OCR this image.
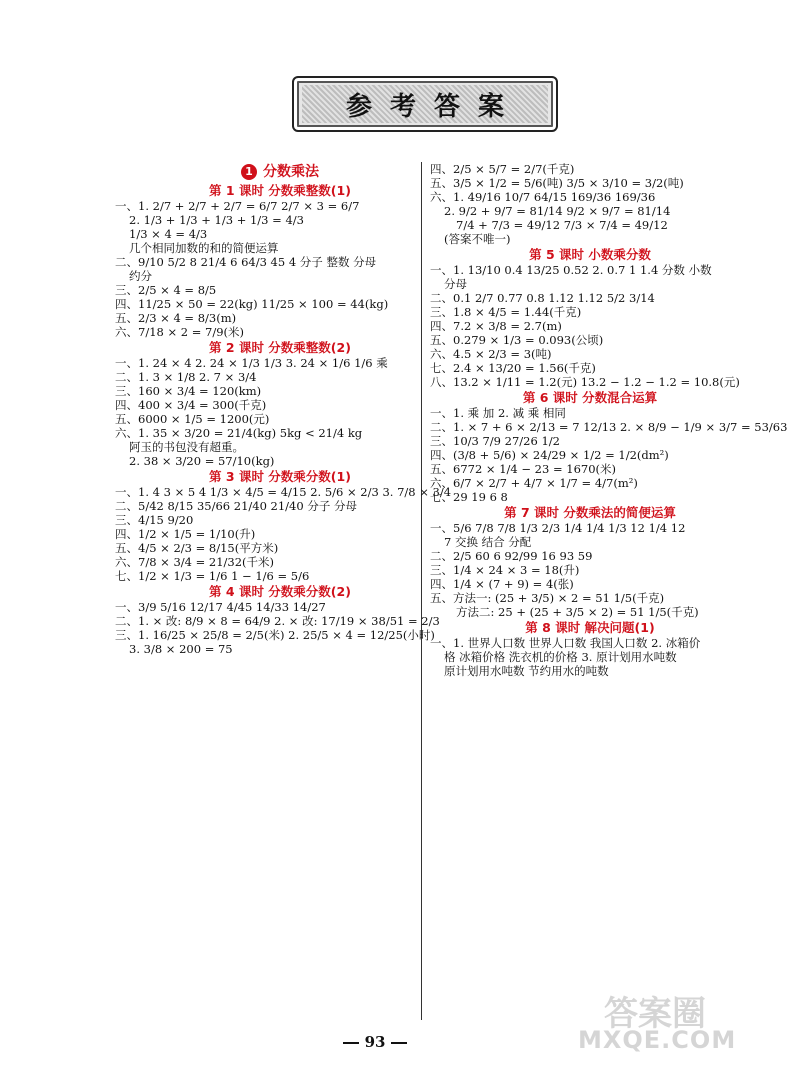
参考答案
1 分数乘法
第 1 课时 分数乘整数(1)
一、1. 2/7 + 2/7 + 2/7 = 6/7 2/7 × 3 = 6/7
2. 1/3 + 1/3 + 1/3 + 1/3 = 4/3
1/3 × 4 = 4/3
几个相同加数的和的简便运算
二、9/10 5/2 8 21/4 6 64/3 45 4 分子 整数 分母
约分
三、2/5 × 4 = 8/5
四、11/25 × 50 = 22(kg) 11/25 × 100 = 44(kg)
五、2/3 × 4 = 8/3(m)
六、7/18 × 2 = 7/9(米)
第 2 课时 分数乘整数(2)
一、1. 24 × 4 2. 24 × 1/3 1/3 3. 24 × 1/6 1/6 乘
二、1. 3 × 1/8 2. 7 × 3/4
三、160 × 3/4 = 120(km)
四、400 × 3/4 = 300(千克)
五、6000 × 1/5 = 1200(元)
六、1. 35 × 3/20 = 21/4(kg) 5kg < 21/4 kg
阿玉的书包没有超重。
2. 38 × 3/20 = 57/10(kg)
第 3 课时 分数乘分数(1)
一、1. 4 3 × 5 4 1/3 × 4/5 = 4/15 2. 5/6 × 2/3 3. 7/8 × 3/4
二、5/42 8/15 35/66 21/40 21/40 分子 分母
三、4/15 9/20
四、1/2 × 1/5 = 1/10(升)
五、4/5 × 2/3 = 8/15(平方米)
六、7/8 × 3/4 = 21/32(千米)
七、1/2 × 1/3 = 1/6 1 − 1/6 = 5/6
第 4 课时 分数乘分数(2)
一、3/9 5/16 12/17 4/45 14/33 14/27
二、1. × 改: 8/9 × 8 = 64/9 2. × 改: 17/19 × 38/51 = 2/3
三、1. 16/25 × 25/8 = 2/5(米) 2. 25/5 × 4 = 12/25(小时)
3. 3/8 × 200 = 75
四、2/5 × 5/7 = 2/7(千克)
五、3/5 × 1/2 = 5/6(吨) 3/5 × 3/10 = 3/2(吨)
六、1. 49/16 10/7 64/15 169/36 169/36
2. 9/2 + 9/7 = 81/14 9/2 × 9/7 = 81/14
7/4 + 7/3 = 49/12 7/3 × 7/4 = 49/12
(答案不唯一)
第 5 课时 小数乘分数
一、1. 13/10 0.4 13/25 0.52 2. 0.7 1 1.4 分数 小数
分母
二、0.1 2/7 0.77 0.8 1.12 1.12 5/2 3/14
三、1.8 × 4/5 = 1.44(千克)
四、7.2 × 3/8 = 2.7(m)
五、0.279 × 1/3 = 0.093(公顷)
六、4.5 × 2/3 = 3(吨)
七、2.4 × 13/20 = 1.56(千克)
八、13.2 × 1/11 = 1.2(元) 13.2 − 1.2 − 1.2 = 10.8(元)
第 6 课时 分数混合运算
一、1. 乘 加 2. 减 乘 相同
二、1. × 7 + 6 × 2/13 = 7 12/13 2. × 8/9 − 1/9 × 3/7 = 53/63
三、10/3 7/9 27/26 1/2
四、(3/8 + 5/6) × 24/29 × 1/2 = 1/2(dm²)
五、6772 × 1/4 − 23 = 1670(米)
六、6/7 × 2/7 + 4/7 × 1/7 = 4/7(m²)
七、29 19 6 8
第 7 课时 分数乘法的简便运算
一、5/6 7/8 7/8 1/3 2/3 1/4 1/4 1/3 12 1/4 12
7 交换 结合 分配
二、2/5 60 6 92/99 16 93 59
三、1/4 × 24 × 3 = 18(升)
四、1/4 × (7 + 9) = 4(张)
五、方法一: (25 + 3/5) × 2 = 51 1/5(千克)
方法二: 25 + (25 + 3/5 × 2) = 51 1/5(千克)
第 8 课时 解决问题(1)
一、1. 世界人口数 世界人口数 我国人口数 2. 冰箱价
格 冰箱价格 洗衣机的价格 3. 原计划用水吨数
原计划用水吨数 节约用水的吨数
93
答案圈
MXQE.COM
